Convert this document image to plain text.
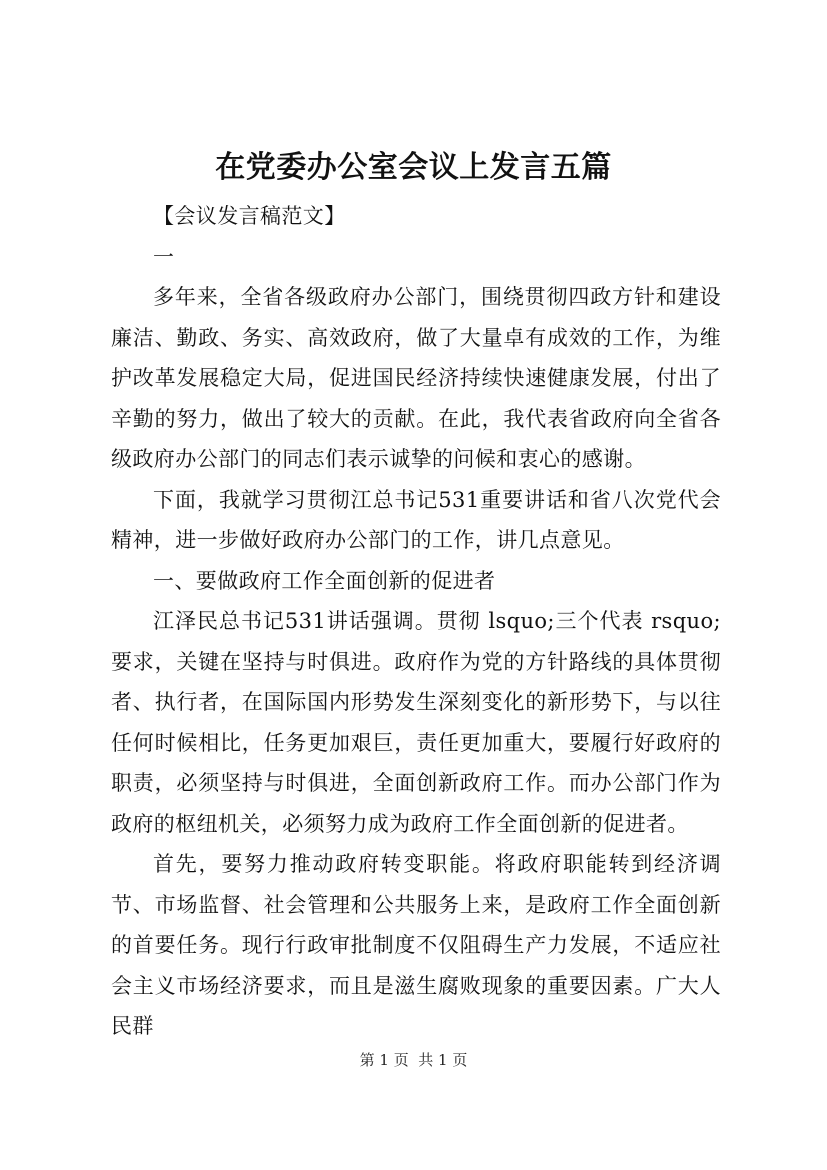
在党委办公室会议上发言五篇

【会议发言稿范文】

一

多年来，全省各级政府办公部门，围绕贯彻四政方针和建设廉洁、勤政、务实、高效政府，做了大量卓有成效的工作，为维护改革发展稳定大局，促进国民经济持续快速健康发展，付出了辛勤的努力，做出了较大的贡献。在此，我代表省政府向全省各级政府办公部门的同志们表示诚挚的问候和衷心的感谢。

下面，我就学习贯彻江总书记531重要讲话和省八次党代会精神，进一步做好政府办公部门的工作，讲几点意见。

一、要做政府工作全面创新的促进者

江泽民总书记531讲话强调。贯彻 lsquo;三个代表 rsquo;要求，关键在坚持与时俱进。政府作为党的方针路线的具体贯彻者、执行者，在国际国内形势发生深刻变化的新形势下，与以往任何时候相比，任务更加艰巨，责任更加重大，要履行好政府的职责，必须坚持与时俱进，全面创新政府工作。而办公部门作为政府的枢纽机关，必须努力成为政府工作全面创新的促进者。

首先，要努力推动政府转变职能。将政府职能转到经济调节、市场监督、社会管理和公共服务上来，是政府工作全面创新的首要任务。现行行政审批制度不仅阻碍生产力发展，不适应社会主义市场经济要求，而且是滋生腐败现象的重要因素。广大人民群

第 1 页  共 1 页
